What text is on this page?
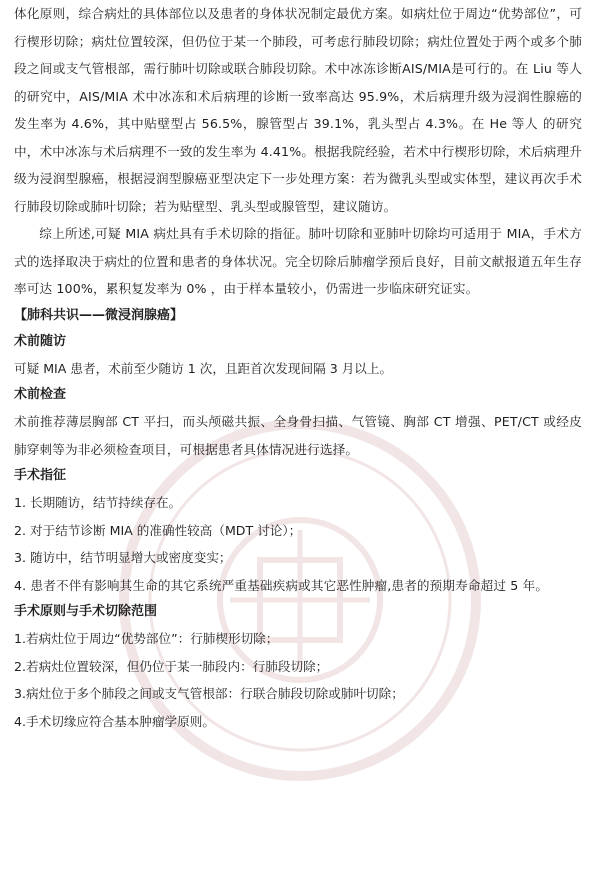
体化原则，综合病灶的具体部位以及患者的身体状况制定最优方案。如病灶位于周边“优势部位”，可行楔形切除；病灶位置较深，但仍位于某一个肺段，可考虑行肺段切除；病灶位置处于两个或多个肺段之间或支气管根部，需行肺叶切除或联合肺段切除。术中冰冻诊断AIS/MIA是可行的。在 Liu 等人 的研究中，AIS/MIA 术中冰冻和术后病理的诊断一致率高达 95.9%，术后病理升级为浸润性腺癌的发生率为 4.6%，其中贴壁型占 56.5%，腺管型占 39.1%，乳头型占 4.3%。在 He 等人 的研究中，术中冰冻与术后病理不一致的发生率为 4.41%。根据我院经验，若术中行楔形切除，术后病理升级为浸润型腺癌，根据浸润型腺癌亚型决定下一步处理方案：若为微乳头型或实体型，建议再次手术行肺段切除或肺叶切除；若为贴壁型、乳头型或腺管型，建议随访。

综上所述,可疑 MIA 病灶具有手术切除的指征。肺叶切除和亚肺叶切除均可适用于 MIA，手术方式的选择取决于病灶的位置和患者的身体状况。完全切除后肺瘤学预后良好，目前文献报道五年生存率可达 100%，累积复发率为 0% ，由于样本量较小，仍需进一步临床研究证实。

【肺科共识——微浸润腺癌】

术前随访

可疑 MIA 患者，术前至少随访 1 次，且距首次发现间隔 3 月以上。

术前检查

术前推荐薄层胸部 CT 平扫，而头颅磁共振、全身骨扫描、气管镜、胸部 CT 增强、PET/CT 或经皮肺穿刺等为非必须检查项目，可根据患者具体情况进行选择。

手术指征

1. 长期随访，结节持续存在。

2. 对于结节诊断 MIA 的准确性较高（MDT 讨论）；

3. 随访中，结节明显增大或密度变实；

4. 患者不伴有影响其生命的其它系统严重基础疾病或其它恶性肿瘤,患者的预期寿命超过 5 年。

手术原则与手术切除范围

1.若病灶位于周边“优势部位”：行肺楔形切除；

2.若病灶位置较深，但仍位于某一肺段内：行肺段切除；

3.病灶位于多个肺段之间或支气管根部：行联合肺段切除或肺叶切除；

4.手术切缘应符合基本肿瘤学原则。
